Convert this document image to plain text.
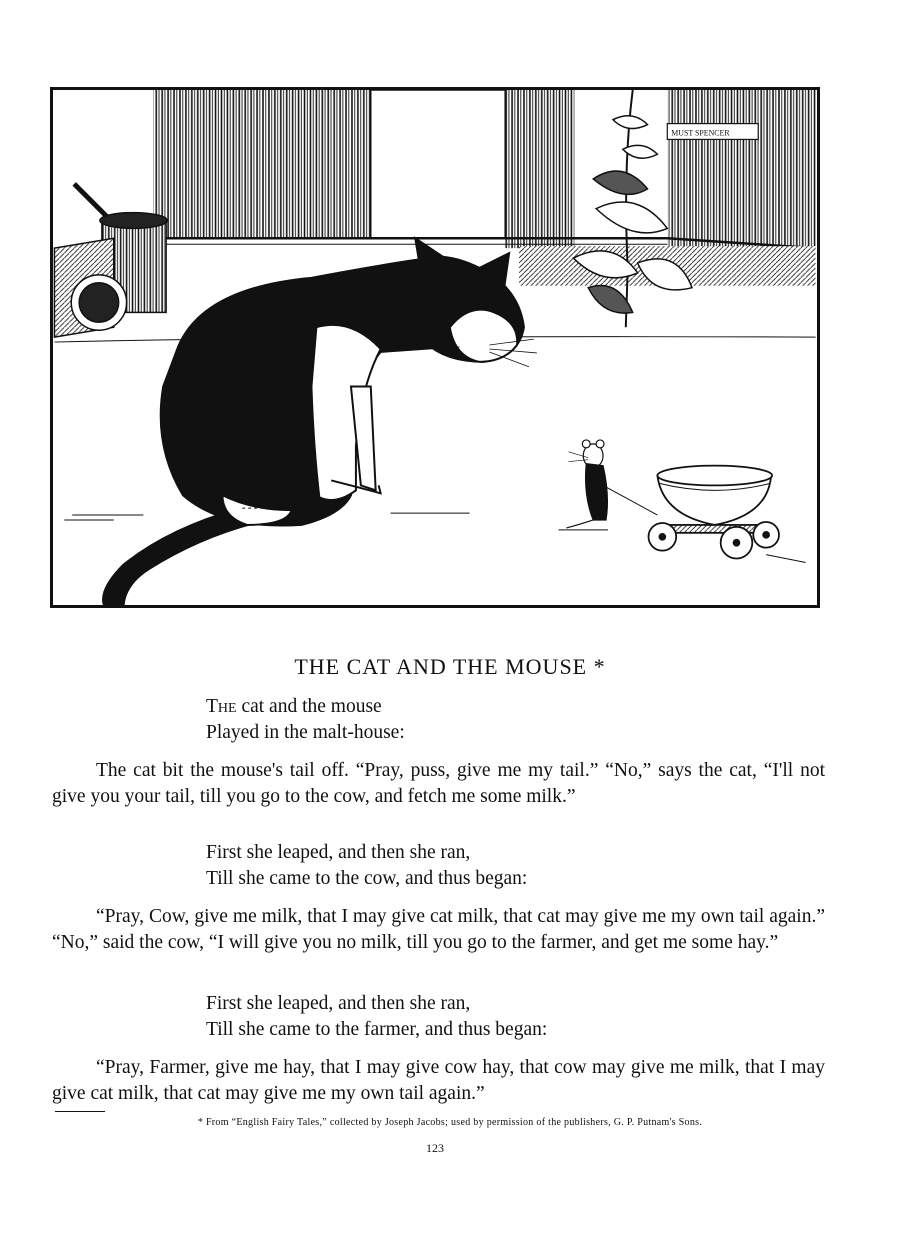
MUST SPENCER
THE CAT AND THE MOUSE *
The cat and the mouse
Played in the malt-house:

The cat bit the mouse's tail off. “Pray, puss, give me my tail.” “No,” says the cat, “I'll not give you your tail, till you go to the cow, and fetch me some milk.”

First she leaped, and then she ran,
Till she came to the cow, and thus began:

“Pray, Cow, give me milk, that I may give cat milk, that cat may give me my own tail again.” “No,” said the cow, “I will give you no milk, till you go to the farmer, and get me some hay.”

First she leaped, and then she ran,
Till she came to the farmer, and thus began:

“Pray, Farmer, give me hay, that I may give cow hay, that cow may give me milk, that I may give cat milk, that cat may give me my own tail again.”

* From “English Fairy Tales,” collected by Joseph Jacobs; used by permission of the publishers, G. P. Putnam's Sons.
123
